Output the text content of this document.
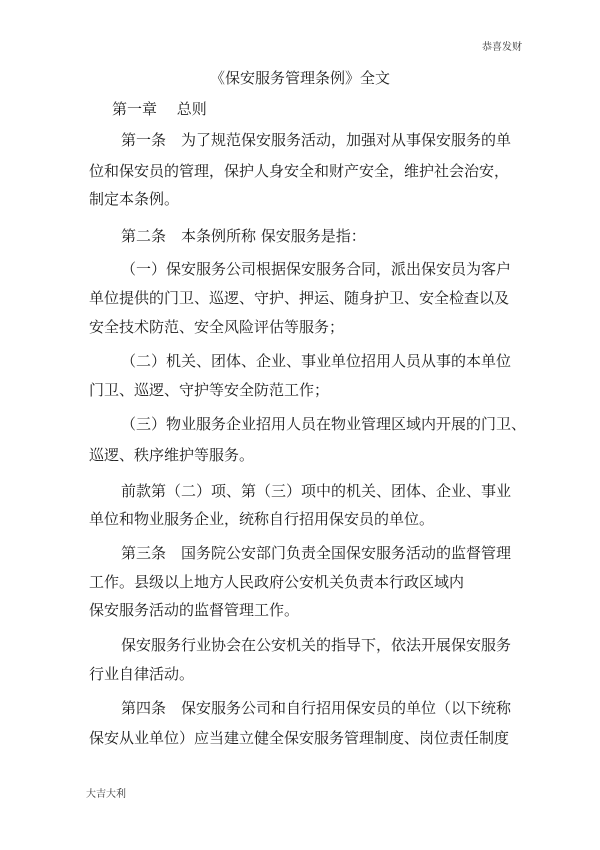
恭喜发财
《保安服务管理条例》全文
第一章　 总则

第一条　为了规范保安服务活动，加强对从事保安服务的单

位和保安员的管理，保护人身安全和财产安全，维护社会治安，

制定本条例。

第二条　本条例所称 保安服务是指：

（一）保安服务公司根据保安服务合同，派出保安员为客户

单位提供的门卫、巡逻、守护、押运、随身护卫、安全检查以及

安全技术防范、安全风险评估等服务；

（二）机关、团体、企业、事业单位招用人员从事的本单位

门卫、巡逻、守护等安全防范工作；

（三）物业服务企业招用人员在物业管理区域内开展的门卫、

巡逻、秩序维护等服务。

前款第（二）项、第（三）项中的机关、团体、企业、事业

单位和物业服务企业，统称自行招用保安员的单位。

第三条　国务院公安部门负责全国保安服务活动的监督管理

工作。县级以上地方人民政府公安机关负责本行政区域内

保安服务活动的监督管理工作。

保安服务行业协会在公安机关的指导下，依法开展保安服务

行业自律活动。

第四条　保安服务公司和自行招用保安员的单位（以下统称

保安从业单位）应当建立健全保安服务管理制度、岗位责任制度

大吉大利
